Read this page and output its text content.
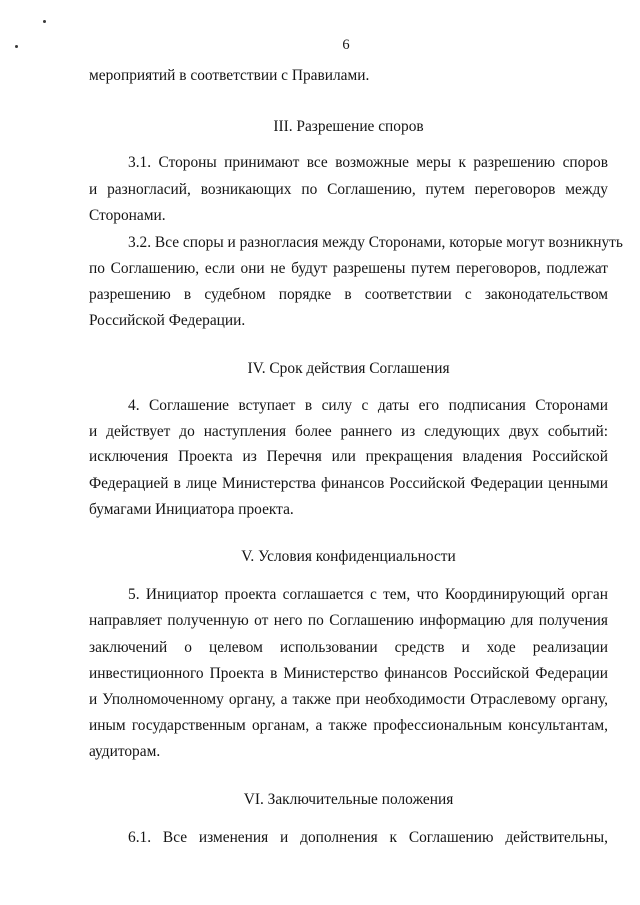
6
мероприятий в соответствии с Правилами.
III. Разрешение споров
3.1. Стороны принимают все возможные меры к разрешению споров
и разногласий, возникающих по Соглашению, путем переговоров между
Сторонами.
3.2. Все споры и разногласия между Сторонами, которые могут возникнуть
по Соглашению, если они не будут разрешены путем переговоров, подлежат
разрешению в судебном порядке в соответствии с законодательством
Российской Федерации.
IV. Срок действия Соглашения
4. Соглашение вступает в силу с даты его подписания Сторонами
и действует до наступления более раннего из следующих двух событий:
исключения Проекта из Перечня или прекращения владения Российской
Федерацией в лице Министерства финансов Российской Федерации ценными
бумагами Инициатора проекта.
V. Условия конфиденциальности
5. Инициатор проекта соглашается с тем, что Координирующий орган
направляет полученную от него по Соглашению информацию для получения
заключений о целевом использовании средств и ходе реализации
инвестиционного Проекта в Министерство финансов Российской Федерации
и Уполномоченному органу, а также при необходимости Отраслевому органу,
иным государственным органам, а также профессиональным консультантам,
аудиторам.
VI. Заключительные положения
6.1. Все изменения и дополнения к Соглашению действительны,
